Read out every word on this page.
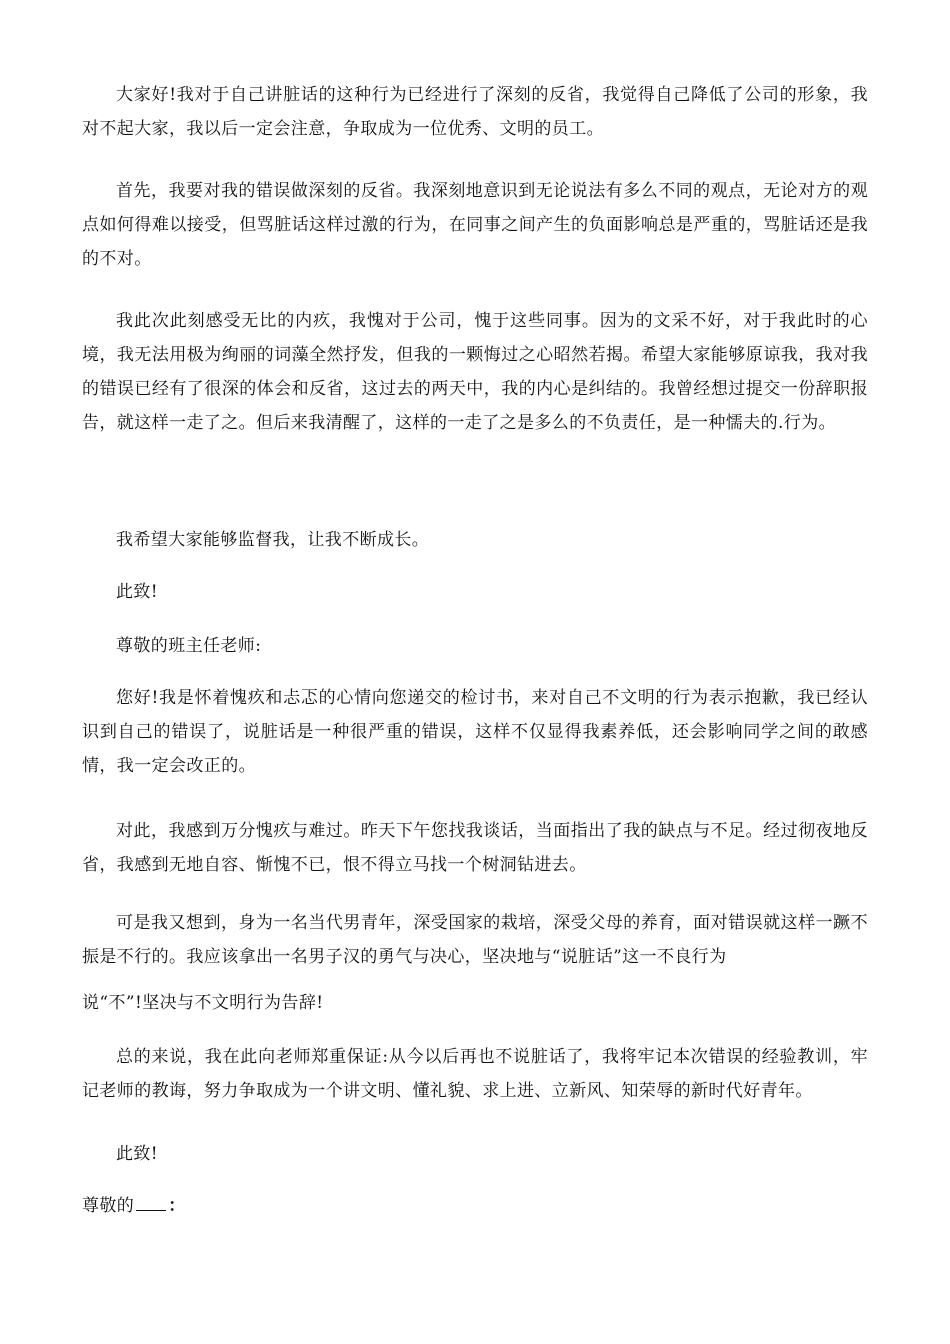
大家好!我对于自己讲脏话的这种行为已经进行了深刻的反省，我觉得自己降低了公司的形象，我对不起大家，我以后一定会注意，争取成为一位优秀、文明的员工。

首先，我要对我的错误做深刻的反省。我深刻地意识到无论说法有多么不同的观点，无论对方的观点如何得难以接受，但骂脏话这样过激的行为，在同事之间产生的负面影响总是严重的，骂脏话还是我的不对。

我此次此刻感受无比的内疚，我愧对于公司，愧于这些同事。因为的文采不好，对于我此时的心境，我无法用极为绚丽的词藻全然抒发，但我的一颗悔过之心昭然若揭。希望大家能够原谅我，我对我的错误已经有了很深的体会和反省，这过去的两天中，我的内心是纠结的。我曾经想过提交一份辞职报告，就这样一走了之。但后来我清醒了，这样的一走了之是多么的不负责任，是一种懦夫的.行为。

我希望大家能够监督我，让我不断成长。

此致!

尊敬的班主任老师:

您好!我是怀着愧疚和忐忑的心情向您递交的检讨书，来对自己不文明的行为表示抱歉，我已经认识到自己的错误了，说脏话是一种很严重的错误，这样不仅显得我素养低，还会影响同学之间的敢感情，我一定会改正的。

对此，我感到万分愧疚与难过。昨天下午您找我谈话，当面指出了我的缺点与不足。经过彻夜地反省，我感到无地自容、惭愧不已，恨不得立马找一个树洞钻进去。

可是我又想到，身为一名当代男青年，深受国家的栽培，深受父母的养育，面对错误就这样一蹶不振是不行的。我应该拿出一名男子汉的勇气与决心，坚决地与“说脏话”这一不良行为

说“不”!坚决与不文明行为告辞!

总的来说，我在此向老师郑重保证:从今以后再也不说脏话了，我将牢记本次错误的经验教训，牢记老师的教诲，努力争取成为一个讲文明、懂礼貌、求上进、立新风、知荣辱的新时代好青年。

此致!

尊敬的 ：
